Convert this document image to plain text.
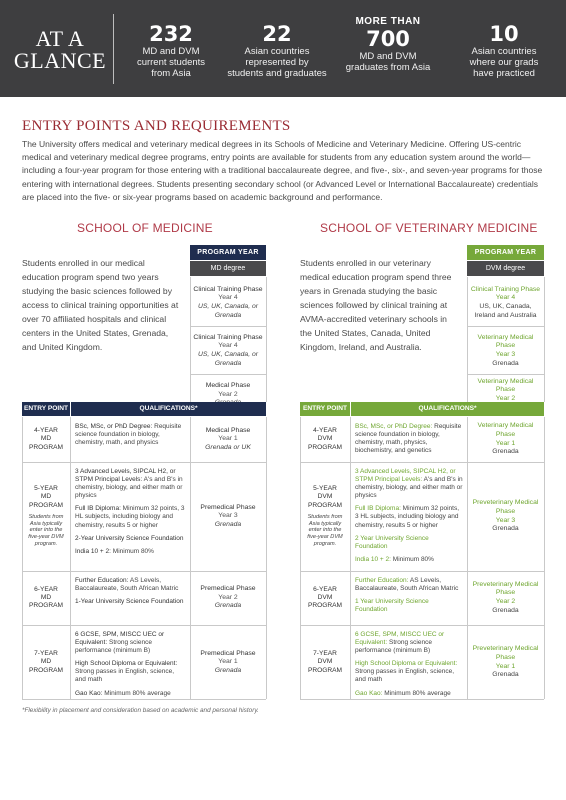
AT A
GLANCE
232
MD and DVM
current students
from Asia
22
Asian countries
represented by
students and graduates
MORE THAN
700
MD and DVM
graduates from Asia
10
Asian countries
where our grads
have practiced
ENTRY POINTS AND REQUIREMENTS
The University offers medical and veterinary medical degrees in its Schools of Medicine and Veterinary Medicine. Offering US-centric medical and veterinary medical degree programs, entry points are available for students from any education system around the world—including a four-year program for those entering with a traditional baccalaureate degree, and five-, six-, and seven-year programs for those entering with international degrees. Students presenting secondary school (or Advanced Level or International Baccalaureate) credentials are placed into the five- or six-year programs based on academic background and performance.
SCHOOL OF MEDICINE
Students enrolled in our medical education program spend two years studying the basic sciences followed by access to clinical training opportunities at over 70 affiliated hospitals and clinical centers in the United States, Grenada, and United Kingdom.
PROGRAM YEAR
MD degree
Clinical Training Phase
Year 4
US, UK, Canada, or Grenada
Clinical Training Phase
Year 4
US, UK, Canada, or Grenada
Medical Phase
Year 2
ENTRY POINT	QUALIFICATIONS*
4-YEAR
MD
PROGRAM

BSc, MSc, or PhD Degree: Requisite science foundation in biology, chemistry, math, and physics

Medical Phase
Year 1
Grenada or UK
5-YEAR
MD
PROGRAM
Students from Asia typically enter into the five-year DVM program.

3 Advanced Levels, SIPCAL H2, or STPM Principal Levels: A's and B's in chemistry, biology, and either math or physics

Full IB Diploma: Minimum 32 points, 3 HL subjects, including biology and chemistry, results 5 or higher

2-Year University Science Foundation

India 10 + 2: Minimum 80%

Premedical Phase
Year 3
Grenada
6-YEAR
MD
PROGRAM

Further Education: AS Levels, Baccalaureate, South African Matric

1-Year University Science Foundation

Premedical Phase
Year 2
Grenada
7-YEAR
MD
PROGRAM

6 GCSE, SPM, MISCC UEC or Equivalent: Strong science performance (minimum B)

High School Diploma or Equivalent: Strong passes in English, science, and math

Gao Kao: Minimum 80% average

Premedical Phase
Year 1
Grenada
SCHOOL OF VETERINARY MEDICINE
Students enrolled in our veterinary medical education program spend three years in Grenada studying the basic sciences followed by clinical training at AVMA-accredited veterinary schools in the United States, Canada, United Kingdom, Ireland, and Australia.
PROGRAM YEAR
DVM degree
Clinical Training Phase
Year 4
US, UK, Canada, Ireland and Australia
Veterinary Medical Phase
Year 3
Grenada
Veterinary Medical Phase
Year 2
ENTRY POINT	QUALIFICATIONS*
4-YEAR
DVM
PROGRAM

BSc, MSc, or PhD Degree: Requisite science foundation in biology, chemistry, math, physics, biochemistry, and genetics

Veterinary Medical Phase
Year 1
Grenada
5-YEAR
DVM
PROGRAM
Students from Asia typically enter into the five-year DVM program.

3 Advanced Levels, SIPCAL H2, or STPM Principal Levels: A's and B's in chemistry, biology, and either math or physics

Full IB Diploma: Minimum 32 points, 3 HL subjects, including biology and chemistry, results 5 or higher

2 Year University Science Foundation

India 10 + 2: Minimum 80%

Preveterinary Medical Phase
Year 3
Grenada
6-YEAR
DVM
PROGRAM

Further Education: AS Levels, Baccalaureate, South African Matric

1 Year University Science Foundation

Preveterinary Medical Phase
Year 2
Grenada
7-YEAR
DVM
PROGRAM

6 GCSE, SPM, MISCC UEC or Equivalent: Strong science performance (minimum B)

High School Diploma or Equivalent: Strong passes in English, science, and math

Gao Kao: Minimum 80% average

Preveterinary Medical Phase
Year 1
Grenada
*Flexibility in placement and consideration based on academic and personal history.
